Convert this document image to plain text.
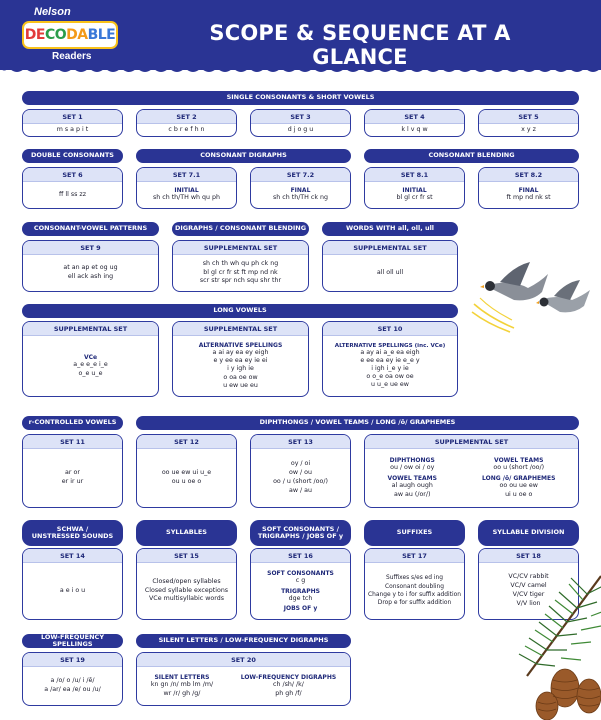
Nelson
DECODABLE
Readers
SCOPE & SEQUENCE AT A GLANCE
SINGLE CONSONANTS & SHORT VOWELS
SET 1
m s a p i t
SET 2
c b r e f h n
SET 3
d j o g u
SET 4
k l v q w
SET 5
x y z
DOUBLE CONSONANTS	CONSONANT DIGRAPHS	CONSONANT BLENDING
SET 6
ff ll ss zz
SET 7.1
INITIAL
sh ch th/TH wh qu ph
SET 7.2
FINAL
sh ch th/TH ck ng
SET 8.1
INITIAL
bl gl cr fr st
SET 8.2
FINAL
ft mp nd nk st
CONSONANT-VOWEL PATTERNS	DIGRAPHS / CONSONANT BLENDING	WORDS WITH all, oll, ull
SET 9
at an ap et og ug
ell ack ash ing
SUPPLEMENTAL SET
sh ch th wh qu ph ck ng
bl gl cr fr st ft mp nd nk
scr str spr nch squ shr thr
SUPPLEMENTAL SET
all oll ull
LONG VOWELS
SUPPLEMENTAL SET
VCe
a_e e_e i_e
o_e u_e
SUPPLEMENTAL SET
ALTERNATIVE SPELLINGS
a ai ay ea ey eigh
e y ee ea ey ie ei
i y igh ie
o oa oe ow
u ew ue eu
SET 10
ALTERNATIVE SPELLINGS (inc. VCe)
a ay ai a_e ea eigh
e ee ea ey ie e_e y
i igh i_e y ie
o o_e oa ow oe
u u_e ue ew
r-CONTROLLED VOWELS	DIPHTHONGS / VOWEL TEAMS / LONG /ō/ GRAPHEMES
SET 11
ar or
er ir ur
SET 12
oo ue ew ui u_e
ou u oe o
SET 13
oy / oi
ow / ou
oo / u (short /oo/)
aw / au
SUPPLEMENTAL SET
DIPHTHONGS
ou / ow oi / oy
VOWEL TEAMS
al augh ough
aw au (/or/)
VOWEL TEAMS
oo u (short /oo/)
LONG /ō/ GRAPHEMES
oo ou ue ew
ui u oe o
SCHWA /
UNSTRESSED SOUNDS	SYLLABLES	SOFT CONSONANTS /
TRIGRAPHS / JOBS OF y	SUFFIXES	SYLLABLE DIVISION
SET 14
a e i o u
SET 15
Closed/open syllables
Closed syllable exceptions
VCe multisyllabic words
SET 16
SOFT CONSONANTS
c g
TRIGRAPHS
dge tch
JOBS OF y
SET 17
Suffixes s/es ed ing
Consonant doubling
Change y to i for suffix addition
Drop e for suffix addition
SET 18
VC/CV rabbit
VC/V camel
V/CV tiger
V/V lion
LOW-FREQUENCY SPELLINGS	SILENT LETTERS / LOW-FREQUENCY DIGRAPHS
SET 19
a /o/ o /u/ i /ē/
a /ar/ ea /e/ ou /u/
SET 20
SILENT LETTERS
kn gn /n/ mb lm /m/
wr /r/ gh /g/
LOW-FREQUENCY DIGRAPHS
ch /sh/ /k/
ph gh /f/
